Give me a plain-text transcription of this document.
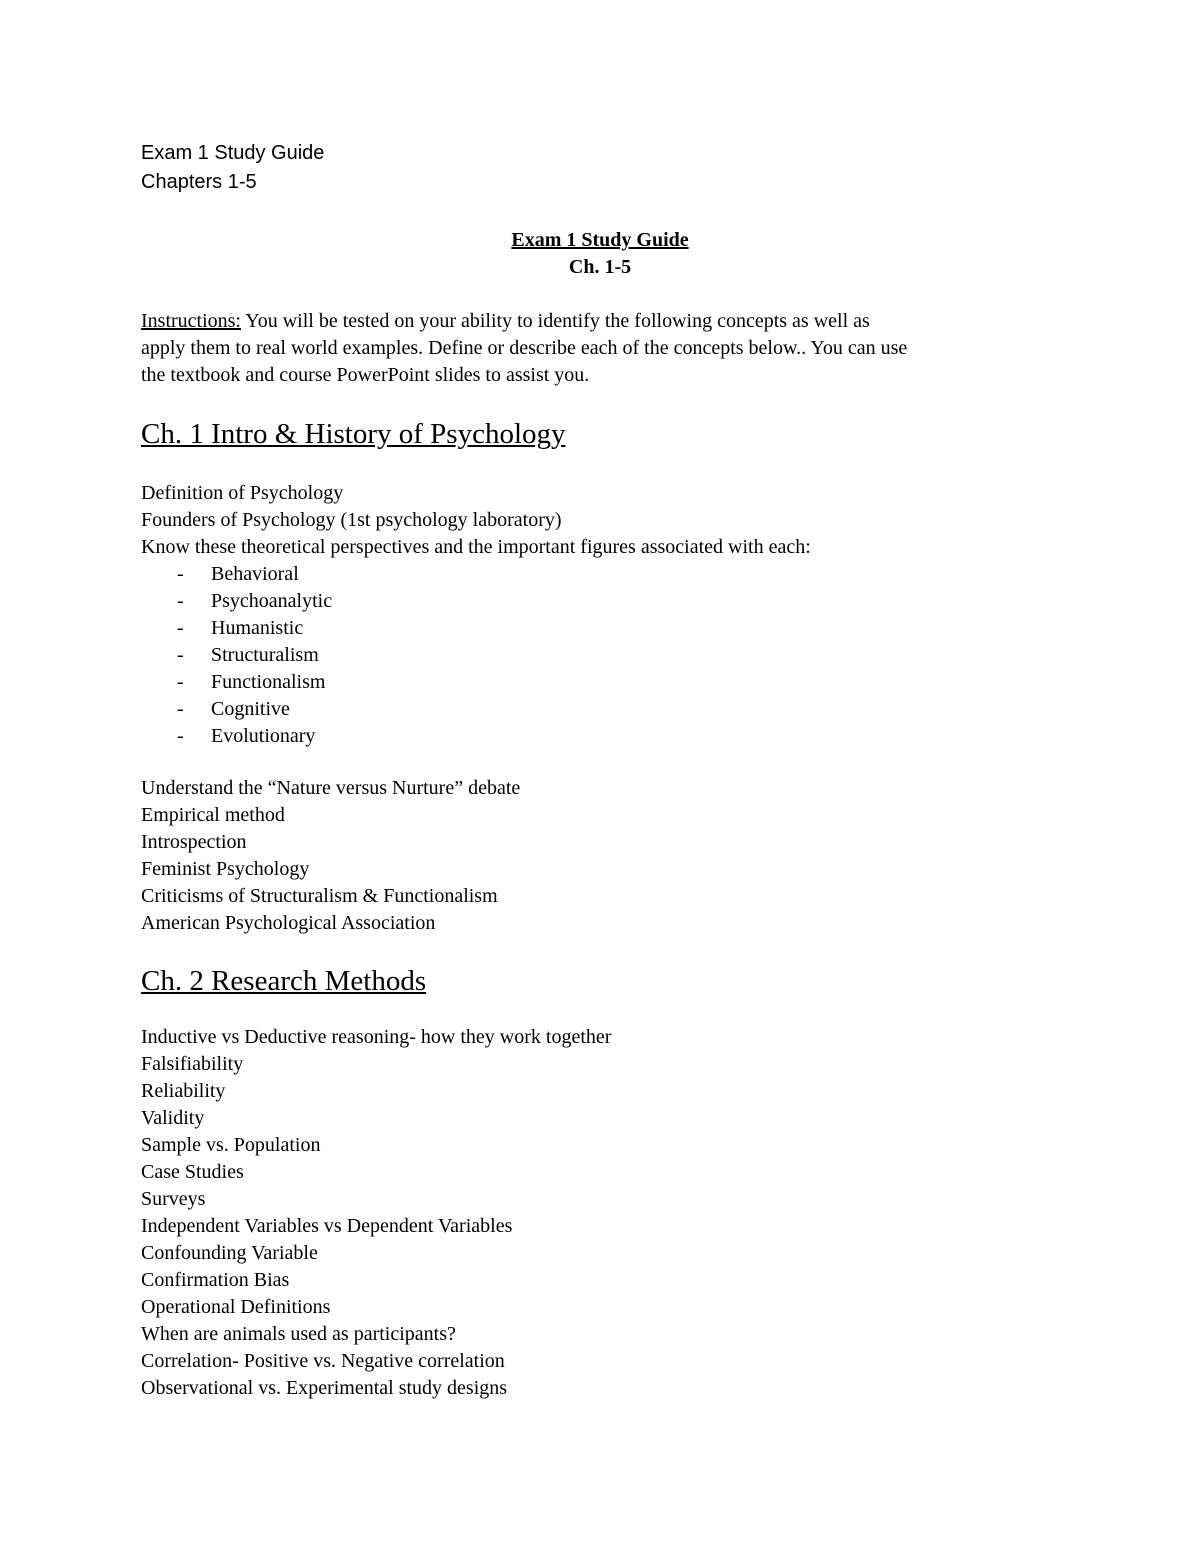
Exam 1 Study Guide
Chapters 1-5
Exam 1 Study Guide
Ch. 1-5
Instructions: You will be tested on your ability to identify the following concepts as well as
apply them to real world examples. Define or describe each of the concepts below.. You can use
the textbook and course PowerPoint slides to assist you.
Ch. 1 Intro & History of Psychology
Definition of Psychology
Founders of Psychology (1st psychology laboratory)
Know these theoretical perspectives and the important figures associated with each:
- Behavioral
- Psychoanalytic
- Humanistic
- Structuralism
- Functionalism
- Cognitive
- Evolutionary
Understand the “Nature versus Nurture” debate
Empirical method
Introspection
Feminist Psychology
Criticisms of Structuralism & Functionalism
American Psychological Association
Ch. 2 Research Methods
Inductive vs Deductive reasoning- how they work together
Falsifiability
Reliability
Validity
Sample vs. Population
Case Studies
Surveys
Independent Variables vs Dependent Variables
Confounding Variable
Confirmation Bias
Operational Definitions
When are animals used as participants?
Correlation- Positive vs. Negative correlation
Observational vs. Experimental study designs
